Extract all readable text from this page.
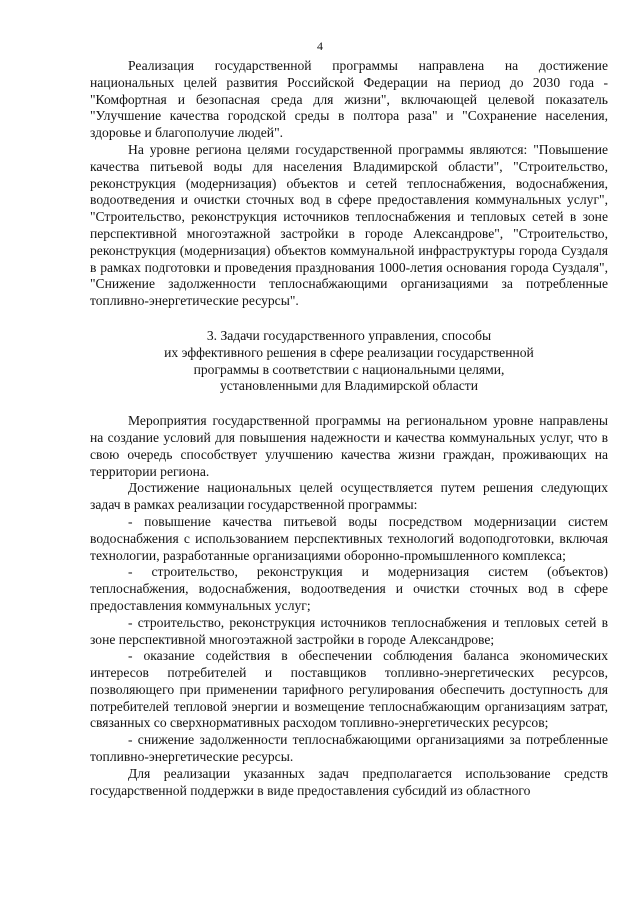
4

Реализация государственной программы направлена на достижение национальных целей развития Российской Федерации на период до 2030 года - "Комфортная и безопасная среда для жизни", включающей целевой показатель "Улучшение качества городской среды в полтора раза" и "Сохранение населения, здоровье и благополучие людей".

На уровне региона целями государственной программы являются: "Повышение качества питьевой воды для населения Владимирской области", "Строительство, реконструкция (модернизация) объектов и сетей теплоснабжения, водоснабжения, водоотведения и очистки сточных вод в сфере предоставления коммунальных услуг", "Строительство, реконструкция источников теплоснабжения и тепловых сетей в зоне перспективной многоэтажной застройки в городе Александрове", "Строительство, реконструкция (модернизация) объектов коммунальной инфраструктуры города Суздаля в рамках подготовки и проведения празднования 1000-летия основания города Суздаля", "Снижение задолженности теплоснабжающими организациями за потребленные топливно-энергетические ресурсы".

3. Задачи государственного управления, способы
их эффективного решения в сфере реализации государственной
программы в соответствии с национальными целями,
установленными для Владимирской области

Мероприятия государственной программы на региональном уровне направлены на создание условий для повышения надежности и качества коммунальных услуг, что в свою очередь способствует улучшению качества жизни граждан, проживающих на территории региона.

Достижение национальных целей осуществляется путем решения следующих задач в рамках реализации государственной программы:

- повышение качества питьевой воды посредством модернизации систем водоснабжения с использованием перспективных технологий водоподготовки, включая технологии, разработанные организациями оборонно-промышленного комплекса;

- строительство, реконструкция и модернизация систем (объектов) теплоснабжения, водоснабжения, водоотведения и очистки сточных вод в сфере предоставления коммунальных услуг;

- строительство, реконструкция источников теплоснабжения и тепловых сетей в зоне перспективной многоэтажной застройки в городе Александрове;

- оказание содействия в обеспечении соблюдения баланса экономических интересов потребителей и поставщиков топливно-энергетических ресурсов, позволяющего при применении тарифного регулирования обеспечить доступность для потребителей тепловой энергии и возмещение теплоснабжающим организациям затрат, связанных со сверхнормативных расходом топливно-энергетических ресурсов;

- снижение задолженности теплоснабжающими организациями за потребленные топливно-энергетические ресурсы.

Для реализации указанных задач предполагается использование средств государственной поддержки в виде предоставления субсидий из областного
